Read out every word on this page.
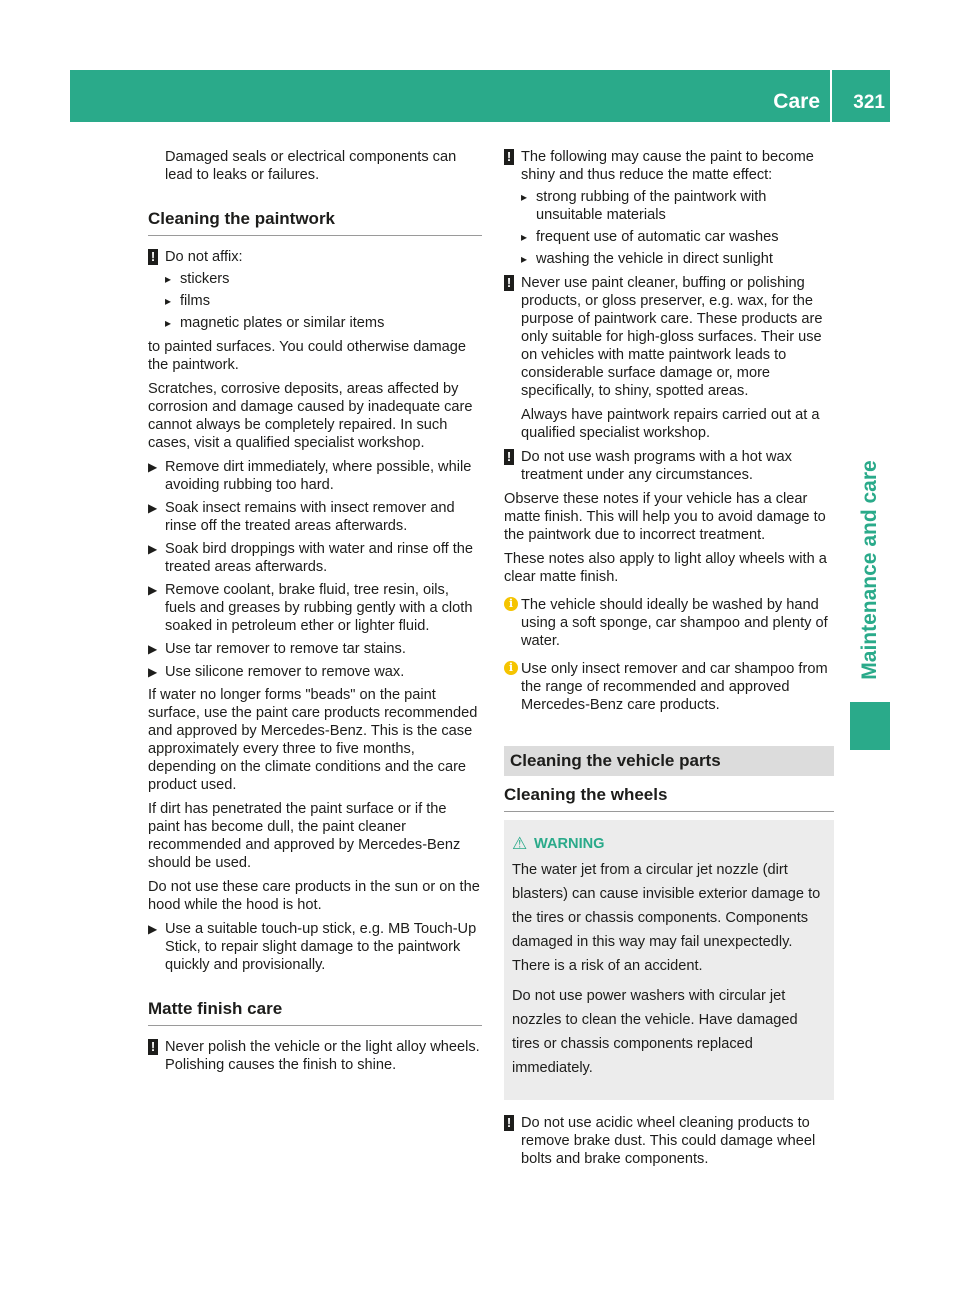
Care 321
Maintenance and care

Damaged seals or electrical components can lead to leaks or failures.

Cleaning the paintwork
! Do not affix:
▸ stickers
▸ films
▸ magnetic plates or similar items

to painted surfaces. You could otherwise damage the paintwork.

Scratches, corrosive deposits, areas affected by corrosion and damage caused by inadequate care cannot always be completely repaired. In such cases, visit a qualified specialist workshop.

▶ Remove dirt immediately, where possible, while avoiding rubbing too hard.
▶ Soak insect remains with insect remover and rinse off the treated areas afterwards.
▶ Soak bird droppings with water and rinse off the treated areas afterwards.
▶ Remove coolant, brake fluid, tree resin, oils, fuels and greases by rubbing gently with a cloth soaked in petroleum ether or lighter fluid.
▶ Use tar remover to remove tar stains.
▶ Use silicone remover to remove wax.

If water no longer forms "beads" on the paint surface, use the paint care products recommended and approved by Mercedes-Benz. This is the case approximately every three to five months, depending on the climate conditions and the care product used.

If dirt has penetrated the paint surface or if the paint has become dull, the paint cleaner recommended and approved by Mercedes-Benz should be used.

Do not use these care products in the sun or on the hood while the hood is hot.

▶ Use a suitable touch-up stick, e.g. MB Touch-Up Stick, to repair slight damage to the paintwork quickly and provisionally.
Matte finish care
! Never polish the vehicle or the light alloy wheels. Polishing causes the finish to shine.
! The following may cause the paint to become shiny and thus reduce the matte effect:
▸ strong rubbing of the paintwork with unsuitable materials
▸ frequent use of automatic car washes
▸ washing the vehicle in direct sunlight
! Never use paint cleaner, buffing or polishing products, or gloss preserver, e.g. wax, for the purpose of paintwork care. These products are only suitable for high-gloss surfaces. Their use on vehicles with matte paintwork leads to considerable surface damage or, more specifically, to shiny, spotted areas.

Always have paintwork repairs carried out at a qualified specialist workshop.

! Do not use wash programs with a hot wax treatment under any circumstances.

Observe these notes if your vehicle has a clear matte finish. This will help you to avoid damage to the paintwork due to incorrect treatment.

These notes also apply to light alloy wheels with a clear matte finish.

i The vehicle should ideally be washed by hand using a soft sponge, car shampoo and plenty of water.
i Use only insect remover and car shampoo from the range of recommended and approved Mercedes-Benz care products.
Cleaning the vehicle parts
Cleaning the wheels
⚠ WARNING

The water jet from a circular jet nozzle (dirt blasters) can cause invisible exterior damage to the tires or chassis components. Components damaged in this way may fail unexpectedly. There is a risk of an accident.

Do not use power washers with circular jet nozzles to clean the vehicle. Have damaged tires or chassis components replaced immediately.

! Do not use acidic wheel cleaning products to remove brake dust. This could damage wheel bolts and brake components.
